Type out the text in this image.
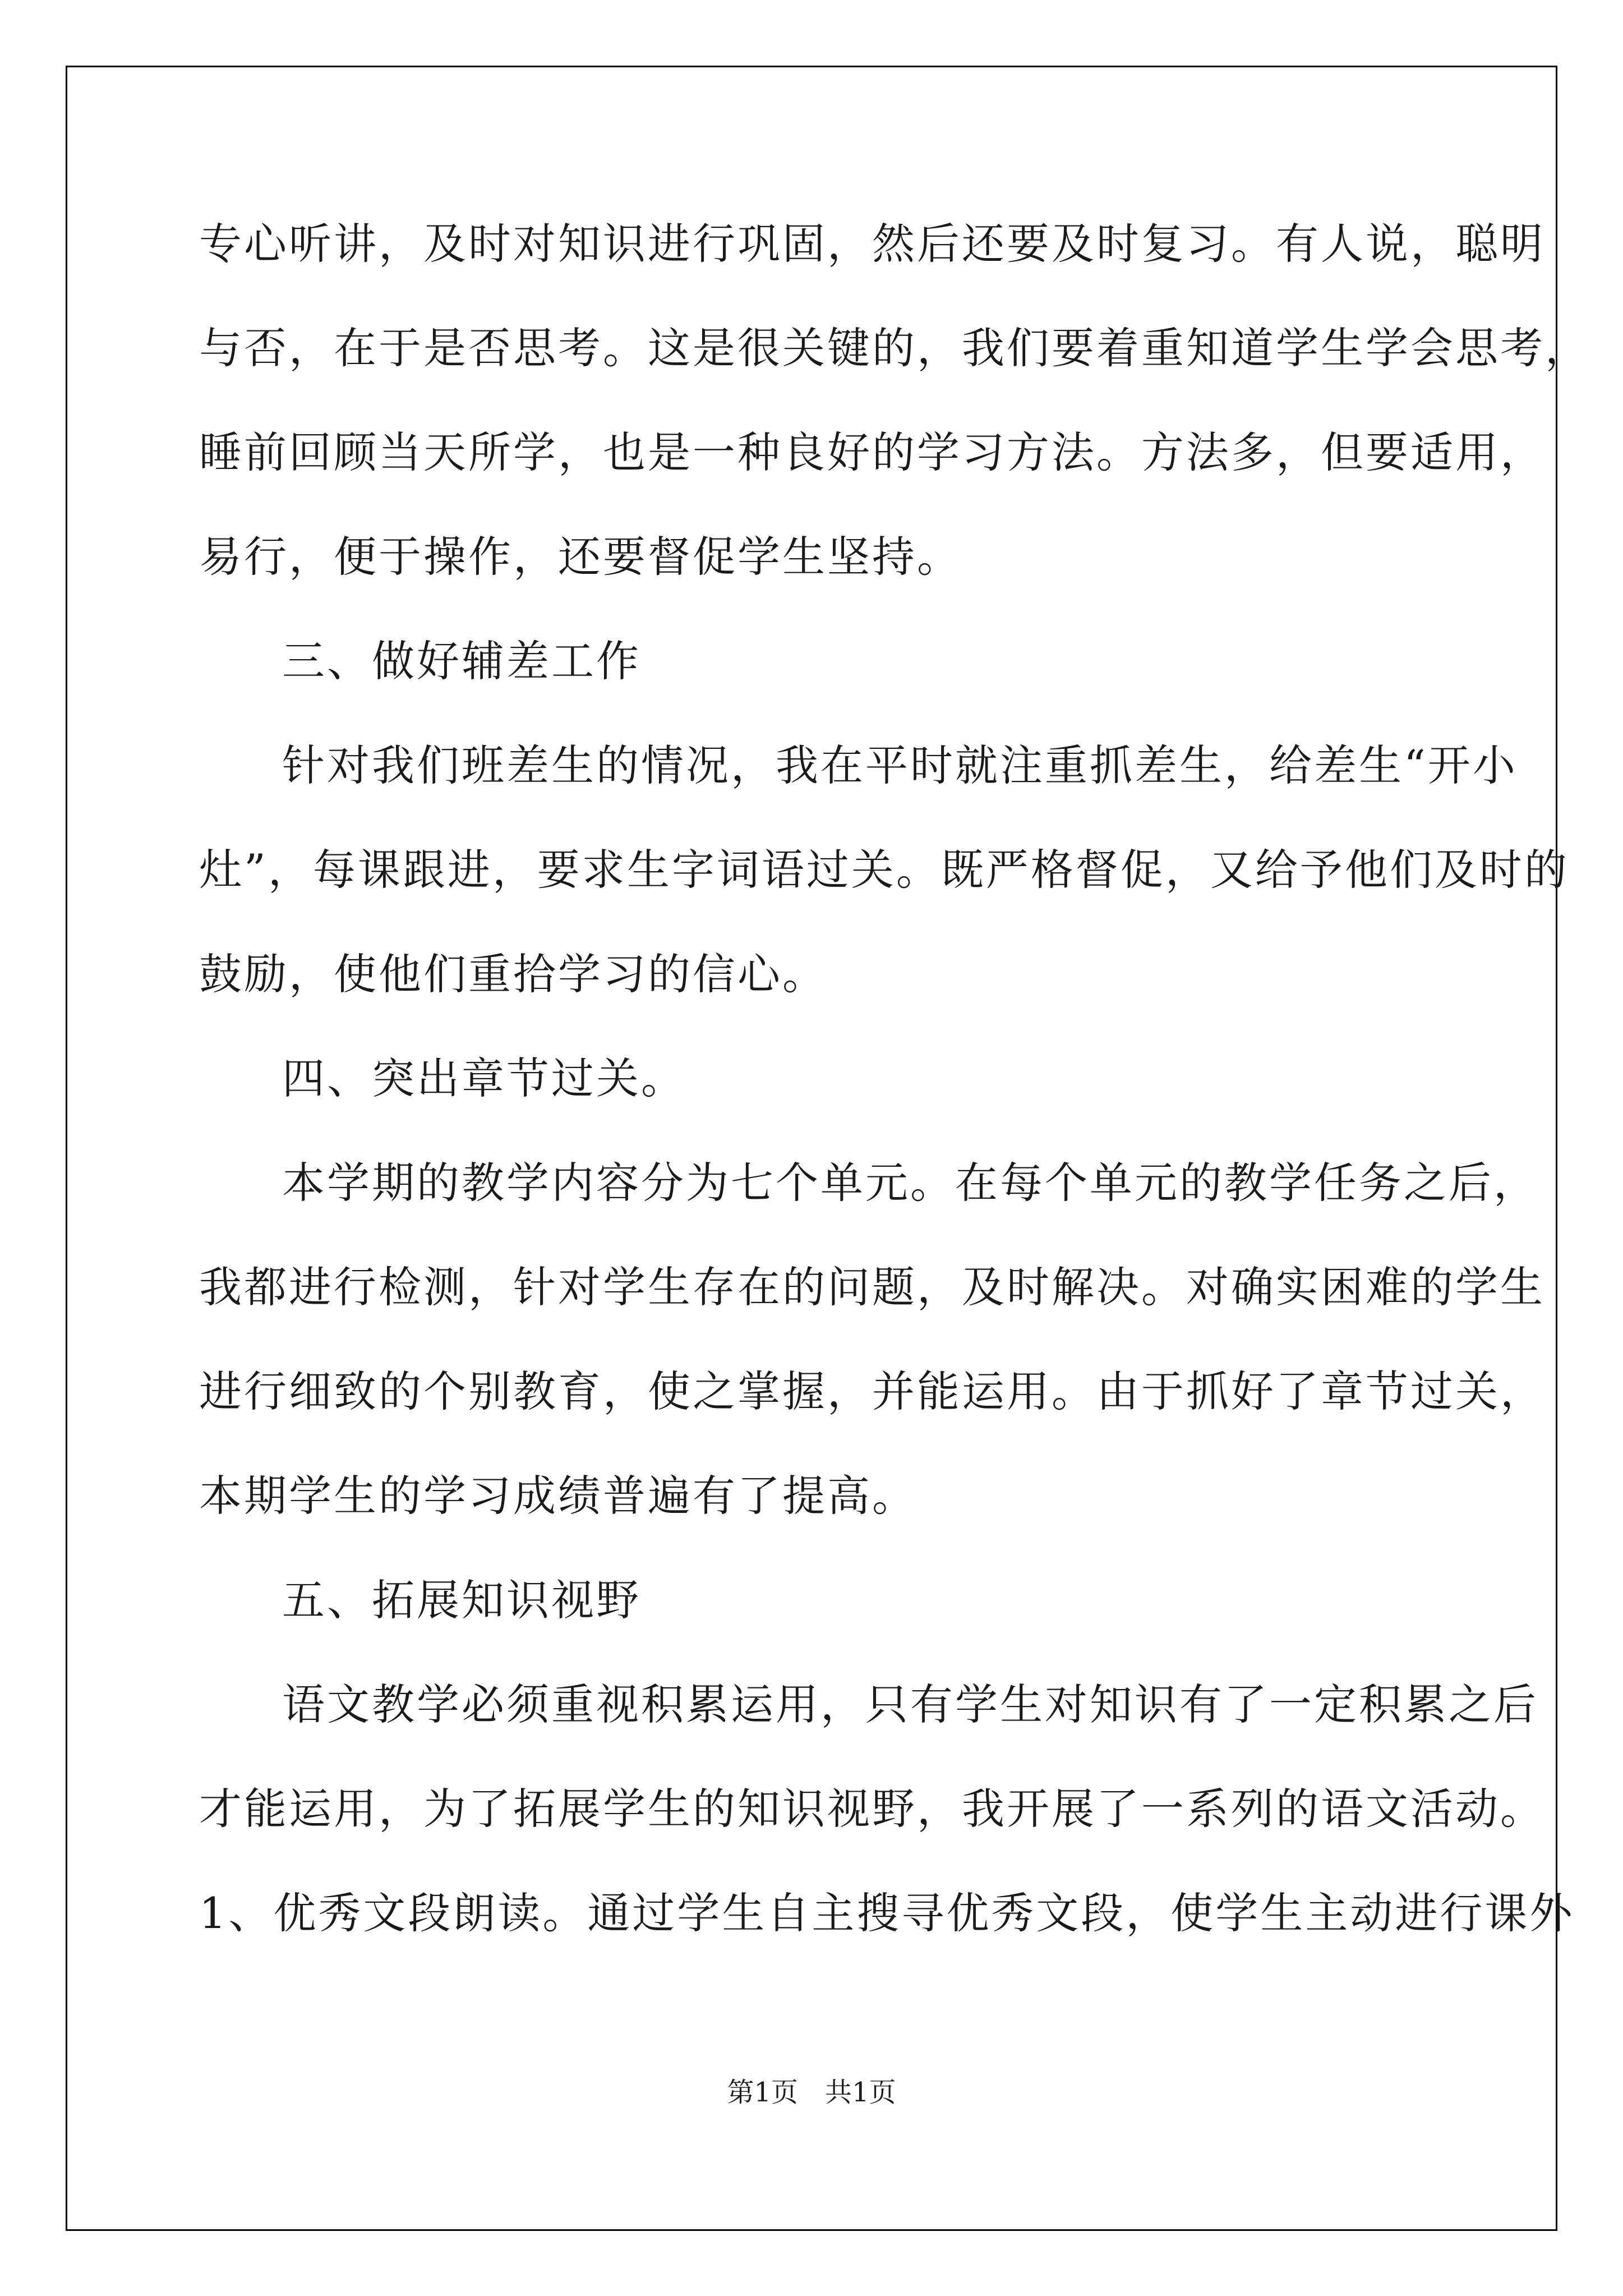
专心听讲，及时对知识进行巩固，然后还要及时复习。有人说，聪明
与否，在于是否思考。这是很关键的，我们要着重知道学生学会思考，
睡前回顾当天所学，也是一种良好的学习方法。方法多，但要适用，
易行，便于操作，还要督促学生坚持。
三、做好辅差工作
针对我们班差生的情况，我在平时就注重抓差生，给差生“开小
灶”，每课跟进，要求生字词语过关。既严格督促，又给予他们及时的
鼓励，使他们重拾学习的信心。
四、突出章节过关。
本学期的教学内容分为七个单元。在每个单元的教学任务之后，
我都进行检测，针对学生存在的问题，及时解决。对确实困难的学生
进行细致的个别教育，使之掌握，并能运用。由于抓好了章节过关，
本期学生的学习成绩普遍有了提高。
五、拓展知识视野
语文教学必须重视积累运用，只有学生对知识有了一定积累之后
才能运用，为了拓展学生的知识视野，我开展了一系列的语文活动。
1、优秀文段朗读。通过学生自主搜寻优秀文段，使学生主动进行课外
第1页　共1页
